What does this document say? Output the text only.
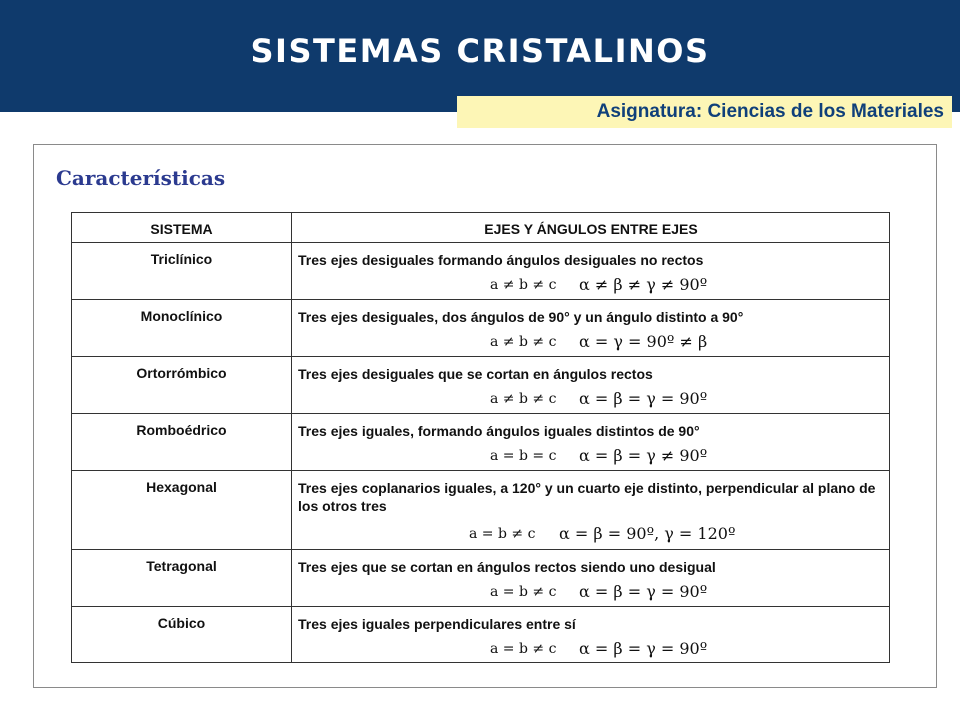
SISTEMAS CRISTALINOS
Asignatura: Ciencias de los Materiales
Características
SISTEMA	EJES Y ÁNGULOS ENTRE EJES
Triclínico	Tres ejes desiguales formando ángulos desiguales no rectos
a ≠ b ≠ c α ≠ β ≠ γ ≠ 90º
Monoclínico	Tres ejes desiguales, dos ángulos de 90° y un ángulo distinto a 90°
a ≠ b ≠ c α = γ = 90º ≠ β
Ortorrómbico	Tres ejes desiguales que se cortan en ángulos rectos
a ≠ b ≠ c α = β = γ = 90º
Romboédrico	Tres ejes iguales, formando ángulos iguales distintos de 90°
a = b = c α = β = γ ≠ 90º
Hexagonal	Tres ejes coplanarios iguales, a 120° y un cuarto eje distinto, perpendicular al plano de los otros tres
a = b ≠ c α = β = 90º, γ = 120º
Tetragonal	Tres ejes que se cortan en ángulos rectos siendo uno desigual
a = b ≠ c α = β = γ = 90º
Cúbico	Tres ejes iguales perpendiculares entre sí
a = b ≠ c α = β = γ = 90º
